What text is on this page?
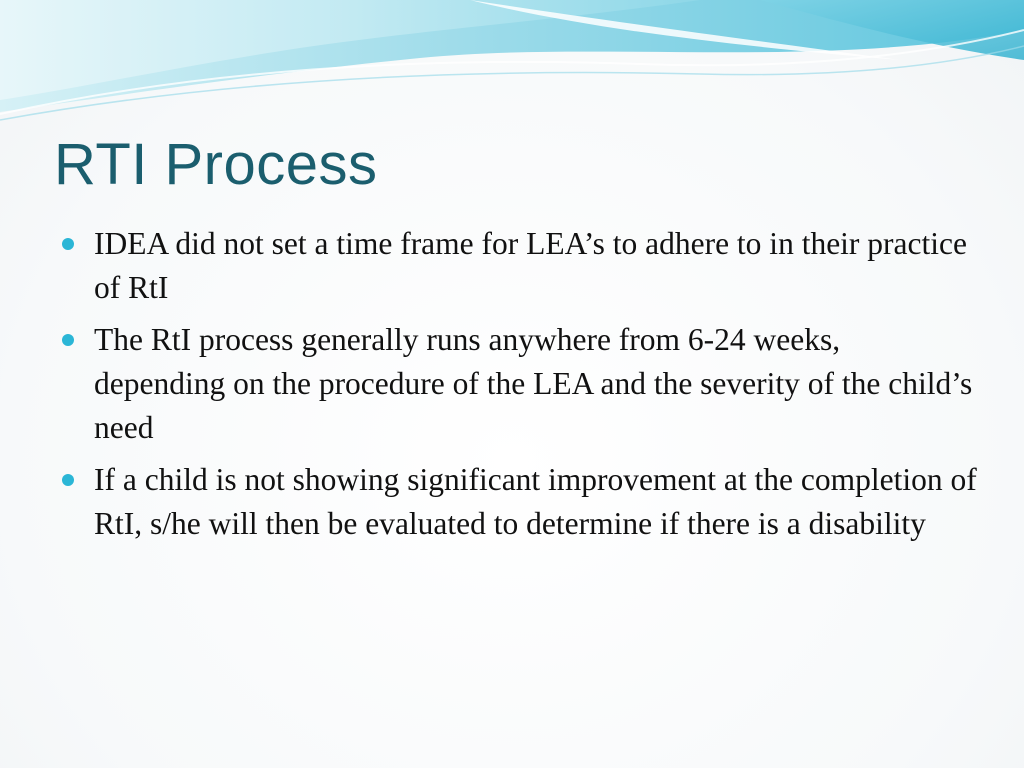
RTI Process
IDEA did not set a time frame for LEA’s to adhere to in their practice of RtI
The RtI process generally runs anywhere from 6-24 weeks, depending on the procedure of the LEA and the severity of the child’s need
If a child is not showing significant improvement at the completion of RtI, s/he will then be evaluated to determine if there is a disability
